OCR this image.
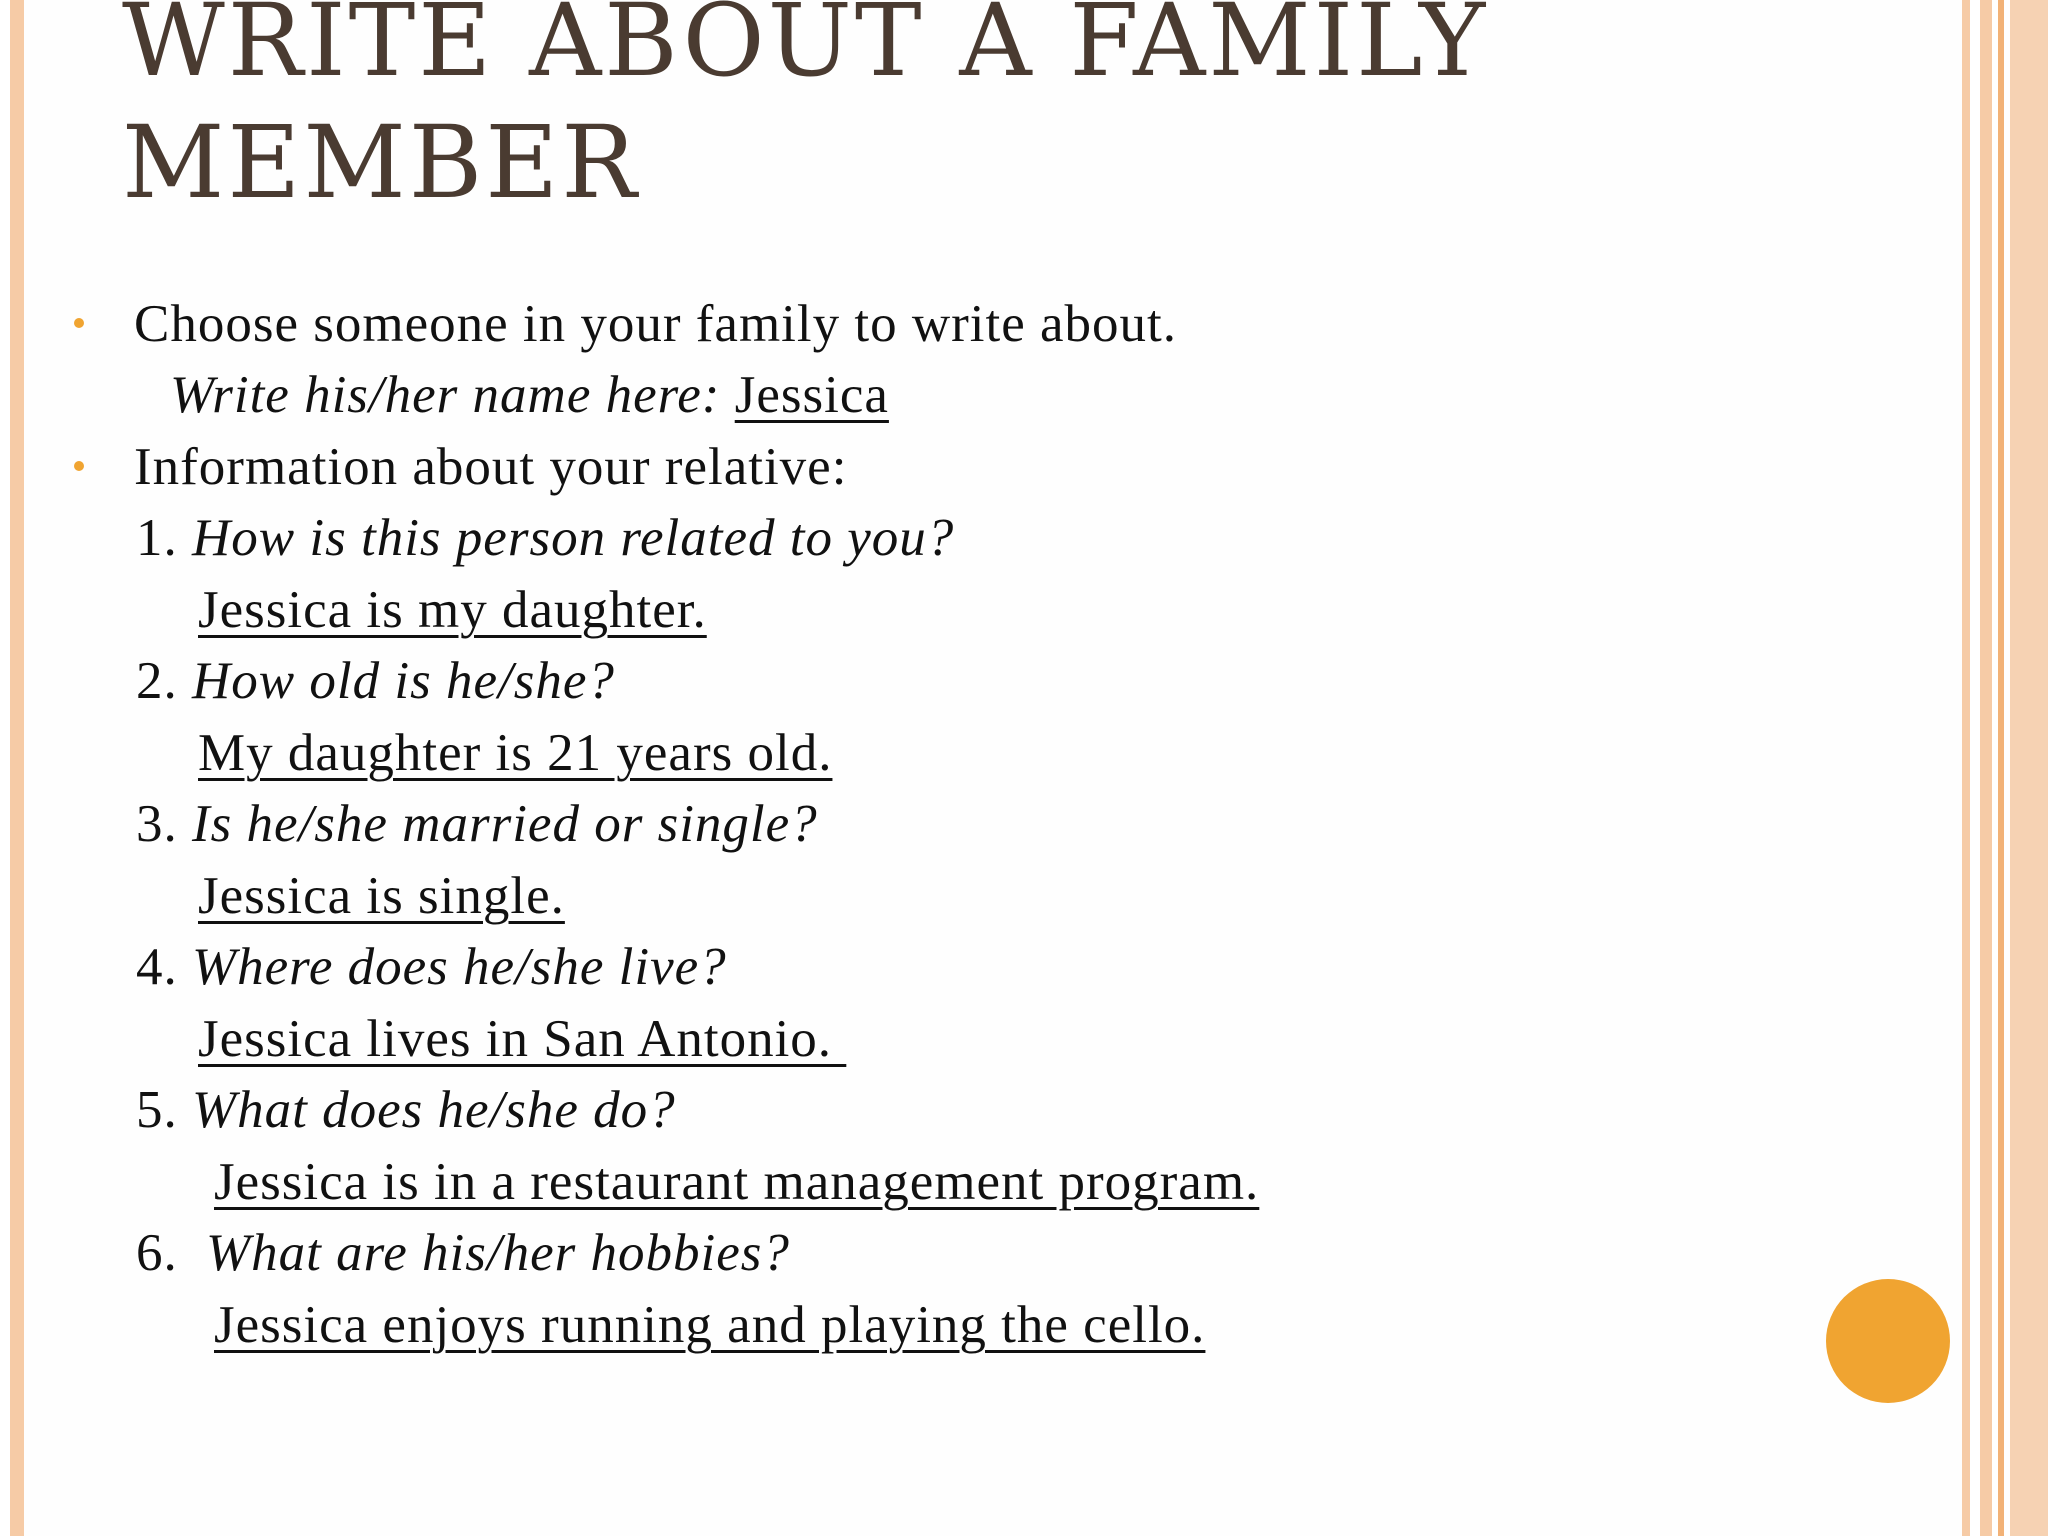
WRITE ABOUT A FAMILY MEMBER
Choose someone in your family to write about.
Write his/her name here: Jessica
Information about your relative:
1. How is this person related to you?
Jessica is my daughter.
2. How old is he/she?
My daughter is 21 years old.
3. Is he/she married or single?
Jessica is single.
4. Where does he/she live?
Jessica lives in San Antonio.
5. What does he/she do?
Jessica is in a restaurant management program.
6. What are his/her hobbies?
Jessica enjoys running and playing the cello.
